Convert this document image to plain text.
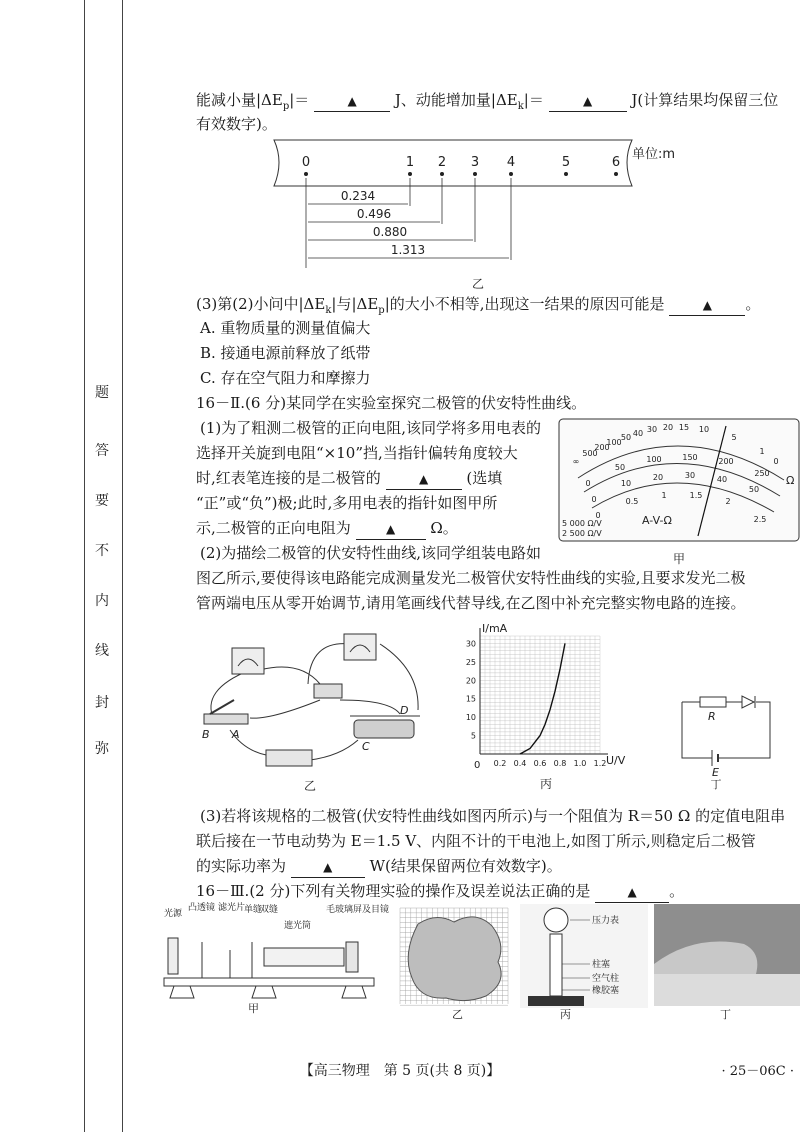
弥
封
线
内
不
要
答
题
能减小量$|\Delta E_p|=$	▲	J、动能增加量$|\Delta E_k|=$	▲	J(计算结果均保留三位
有效数字)。
0	1 2 3 4	5	6
单位:m
0.234
0.496
0.880
1.313
乙
(3)第(2)小问中$|\Delta E_k|$与$|\Delta E_p|$的大小不相等,出现这一结果的原因可能是	▲ 。
A. 重物质量的测量值偏大
B. 接通电源前释放了纸带
C. 存在空气阻力和摩擦力
16－Ⅱ.(6 分)某同学在实验室探究二极管的伏安特性曲线。
(1)为了粗测二极管的正向电阻,该同学将多用电表的
选择开关旋到电阻“×10”挡,当指针偏转角度较大
时,红表笔连接的是二极管的	▲	(选填
“正”或“负”)极;此时,多用电表的指针如图甲所
示,二极管的正向电阻为	▲ Ω。
(2)为描绘二极管的伏安特性曲线,该同学组装电路如
图乙所示,要使得该电路能完成测量发光二极管伏安特性曲线的实验,且要求发光二极
管两端电压从零开始调节,请用笔画线代替导线,在乙图中补充完整实物电路的连接。
∞
500
200
100
50 40 30 20 15 10
5
1
0
0
50
100	150	200
250
0
10
20	30	40
50
0
0.5
1	1.5
2
2.5
Ω
5 000 Ω/V
2 500 Ω/V
A-V-Ω
甲
B A
C
D
乙
0.2 0.4 0.6 0.8 1.0 1.2
5
10
15
20
25
30
I/mA
U/V
0
丙
R
E
丁
(3)若将该规格的二极管(伏安特性曲线如图丙所示)与一个阻值为 R＝50 Ω 的定值电阻串
联后接在一节电动势为 E＝1.5 V、内阻不计的干电池上,如图丁所示,则稳定后二极管
的实际功率为	▲ W(结果保留两位有效数字)。
16－Ⅲ.(2 分)下列有关物理实验的操作及误差说法正确的是	▲ 。
光源
凸透镜 滤光片
单缝
双缝
遮光筒
毛玻璃屏及目镜
甲	乙
压力表
柱塞
空气柱
橡胶塞
丙	丁
【高三物理　第 5 页(共 8 页)】	· 25－06C ·
